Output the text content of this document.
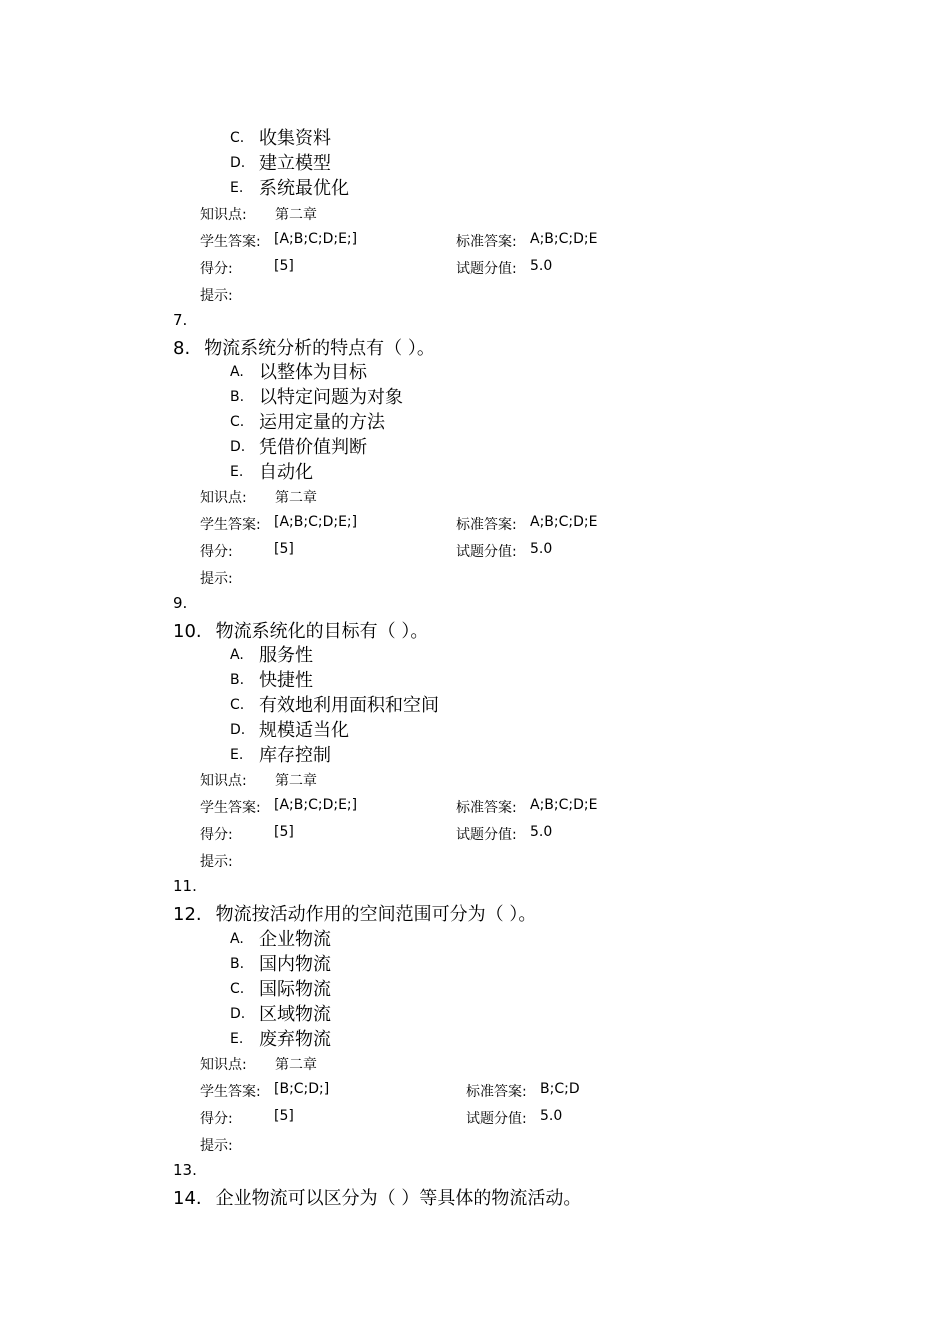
C. 收集资料
D. 建立模型
E. 系统最优化
知识点: 第二章
学生答案: [A;B;C;D;E;]	标准答案: A;B;C;D;E
得分:	[5]	试题分值: 5.0
提示:
7.
8. 物流系统分析的特点有（ ）。
A. 以整体为目标
B. 以特定问题为对象
C. 运用定量的方法
D. 凭借价值判断
E. 自动化
知识点: 第二章
学生答案: [A;B;C;D;E;]	标准答案: A;B;C;D;E
得分:	[5]	试题分值: 5.0
提示:
9.
10. 物流系统化的目标有（ ）。
A. 服务性
B. 快捷性
C. 有效地利用面积和空间
D. 规模适当化
E. 库存控制
知识点: 第二章
学生答案: [A;B;C;D;E;]	标准答案: A;B;C;D;E
得分:	[5]	试题分值: 5.0
提示:
11.
12. 物流按活动作用的空间范围可分为（ ）。
A. 企业物流
B. 国内物流
C. 国际物流
D. 区域物流
E. 废弃物流
知识点: 第二章
学生答案: [B;C;D;]	标准答案: B;C;D
得分:	[5]	试题分值: 5.0
提示:
13.
14. 企业物流可以区分为（ ）等具体的物流活动。
